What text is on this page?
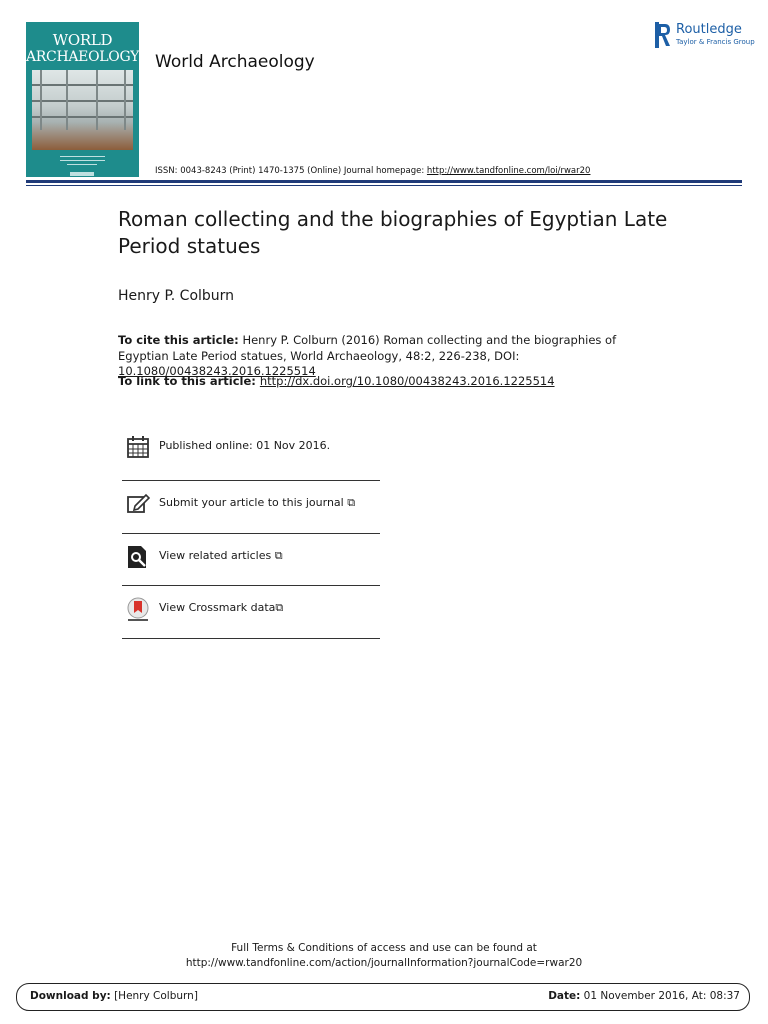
WORLD
ARCHAEOLOGY World Archaeology
Routledge
Taylor & Francis Group
ISSN: 0043-8243 (Print) 1470-1375 (Online) Journal homepage: http://www.tandfonline.com/loi/rwar20
Roman collecting and the biographies of Egyptian Late Period statues
Henry P. Colburn
To cite this article: Henry P. Colburn (2016) Roman collecting and the biographies of Egyptian Late Period statues, World Archaeology, 48:2, 226-238, DOI: 10.1080/00438243.2016.1225514
To link to this article: http://dx.doi.org/10.1080/00438243.2016.1225514
Published online: 01 Nov 2016.
Submit your article to this journal ⧉
View related articles ⧉
View Crossmark data⧉
Full Terms & Conditions of access and use can be found at
http://www.tandfonline.com/action/journalInformation?journalCode=rwar20
Download by: [Henry Colburn]	Date: 01 November 2016, At: 08:37
